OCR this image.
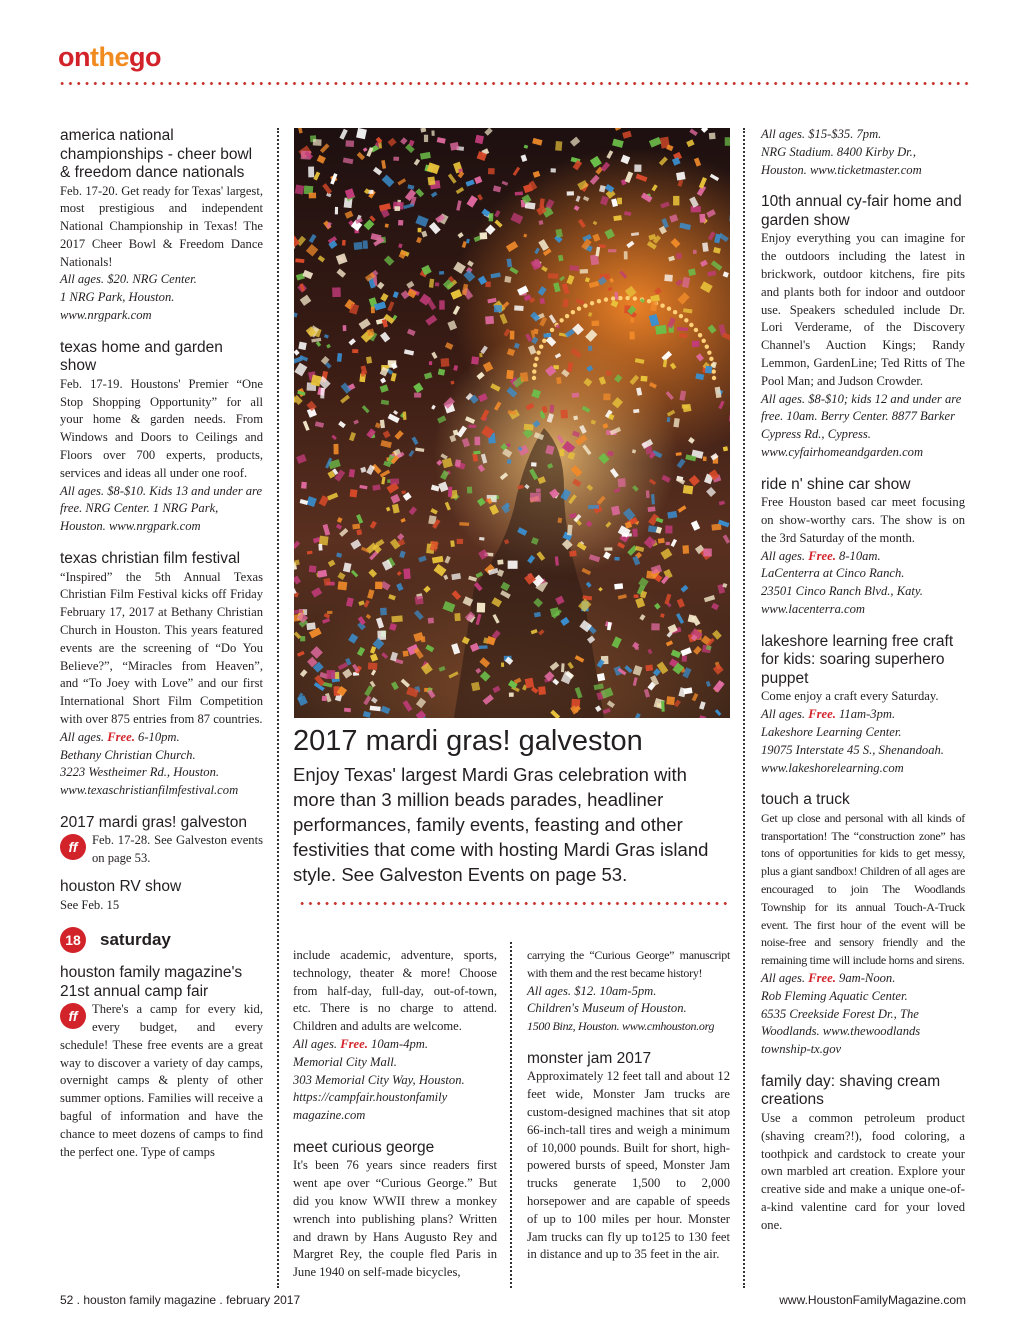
onthego
america national championships - cheer bowl & freedom dance nationals

Feb. 17-20. Get ready for Texas' largest, most prestigious and independent National Championship in Texas! The 2017 Cheer Bowl & Freedom Dance Nationals!

All ages. $20. NRG Center.

1 NRG Park, Houston.

www.nrgpark.com

texas home and garden show

Feb. 17-19. Houstons' Premier “One Stop Shopping Opportunity” for all your home & garden needs. From Windows and Doors to Ceilings and Floors over 700 experts, products, services and ideas all under one roof.

All ages. $8-$10. Kids 13 and under are free. NRG Center. 1 NRG Park, Houston. www.nrgpark.com

texas christian film festival

“Inspired” the 5th Annual Texas Christian Film Festival kicks off Friday February 17, 2017 at Bethany Christian Church in Houston. This years featured events are the screening of “Do You Believe?”, “Miracles from Heaven”, and “To Joey with Love” and our first International Short Film Competition with over 875 entries from 87 countries.

All ages. Free. 6-10pm.

Bethany Christian Church.

3223 Westheimer Rd., Houston.

www.texaschristianfilmfestival.com

2017 mardi gras! galveston

ff	Feb. 17-28. See Galveston events on page 53.

houston RV show

See Feb. 15

18	saturday
houston family magazine's 21st annual camp fair

ff	There's a camp for every kid, every budget, and every schedule! These free events are a great way to discover a variety of day camps, overnight camps & plenty of other summer options. Families will receive a bagful of information and have the chance to meet dozens of camps to find the perfect one. Type of camps

2017 mardi gras! galveston

Enjoy Texas' largest Mardi Gras celebration with more than 3 million beads parades, headliner performances, family events, feasting and other festivities that come with hosting Mardi Gras island style. See Galveston Events on page 53.

include academic, adventure, sports, technology, theater & more! Choose from half-day, full-day, out-of-town, etc. There is no charge to attend. Children and adults are welcome.

All ages. Free. 10am-4pm.

Memorial City Mall.

303 Memorial City Way, Houston.

https://campfair.houstonfamily magazine.com

meet curious george

It's been 76 years since readers first went ape over “Curious George.” But did you know WWII threw a monkey wrench into publishing plans? Written and drawn by Hans Augusto Rey and Margret Rey, the couple fled Paris in June 1940 on self-made bicycles,

carrying the “Curious George” manuscript with them and the rest became history!

All ages. $12. 10am-5pm.

Children's Museum of Houston.

1500 Binz, Houston. www.cmhouston.org

monster jam 2017

Approximately 12 feet tall and about 12 feet wide, Monster Jam trucks are custom-designed machines that sit atop 66-inch-tall tires and weigh a minimum of 10,000 pounds. Built for short, high-powered bursts of speed, Monster Jam trucks generate 1,500 to 2,000 horsepower and are capable of speeds of up to 100 miles per hour. Monster Jam trucks can fly up to125 to 130 feet in distance and up to 35 feet in the air.

All ages. $15-$35. 7pm.

NRG Stadium. 8400 Kirby Dr.,

Houston. www.ticketmaster.com

10th annual cy-fair home and garden show

Enjoy everything you can imagine for the outdoors including the latest in brickwork, outdoor kitchens, fire pits and plants both for indoor and outdoor use. Speakers scheduled include Dr. Lori Verderame, of the Discovery Channel's Auction Kings; Randy Lemmon, GardenLine; Ted Ritts of The Pool Man; and Judson Crowder.

All ages. $8-$10; kids 12 and under are free. 10am. Berry Center. 8877 Barker Cypress Rd., Cypress. www.cyfairhomeandgarden.com

ride n' shine car show

Free Houston based car meet focusing on show-worthy cars. The show is on the 3rd Saturday of the month.

All ages. Free. 8-10am.

LaCenterra at Cinco Ranch.

23501 Cinco Ranch Blvd., Katy.

www.lacenterra.com

lakeshore learning free craft for kids: soaring superhero puppet

Come enjoy a craft every Saturday.

All ages. Free. 11am-3pm.

Lakeshore Learning Center.

19075 Interstate 45 S., Shenandoah.

www.lakeshorelearning.com

touch a truck

Get up close and personal with all kinds of transportation! The “construction zone” has tons of opportunities for kids to get messy, plus a giant sandbox! Children of all ages are encouraged to join The Woodlands Township for its annual Touch-A-Truck event. The first hour of the event will be noise-free and sensory friendly and the remaining time will include horns and sirens.

All ages. Free. 9am-Noon.

Rob Fleming Aquatic Center.

6535 Creekside Forest Dr., The Woodlands. www.thewoodlands township-tx.gov

family day: shaving cream creations

Use a common petroleum product (shaving cream?!), food coloring, a toothpick and cardstock to create your own marbled art creation. Explore your creative side and make a unique one-of-a-kind valentine card for your loved one.

52 . houston family magazine . february 2017	www.HoustonFamilyMagazine.com
